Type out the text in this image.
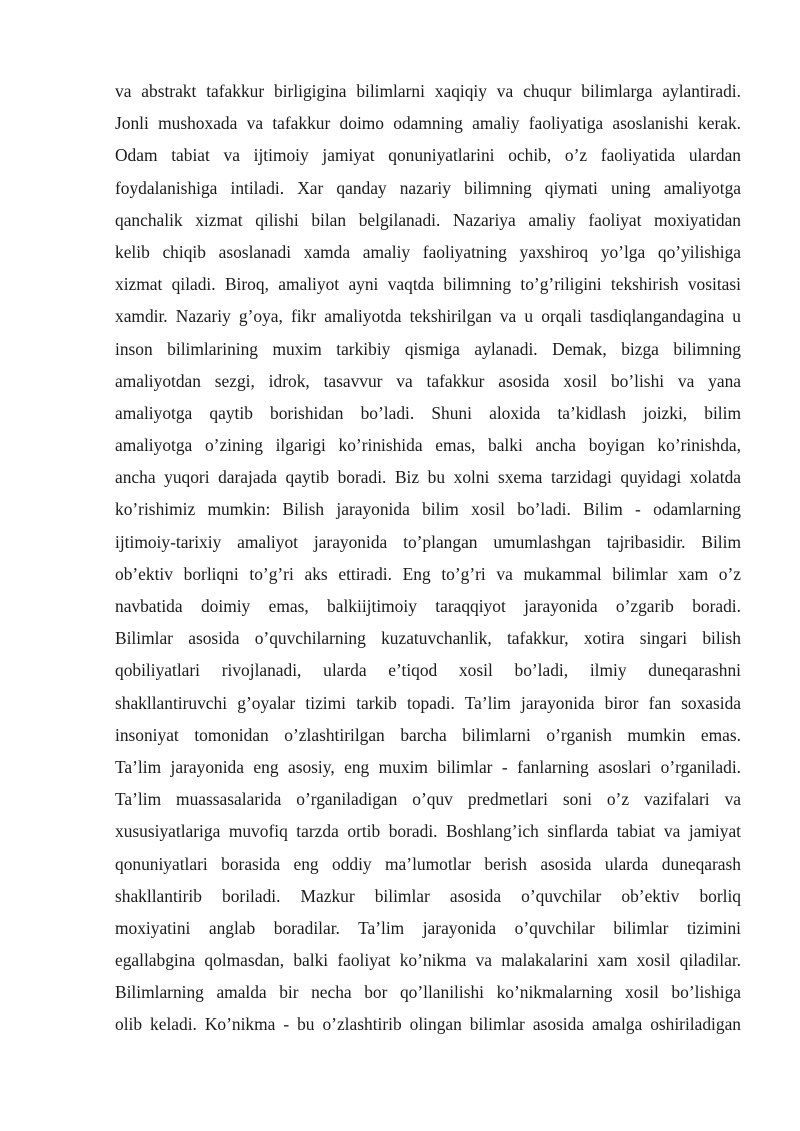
va abstrakt tafakkur birligigina bilimlarni xaqiqiy va chuqur bilimlarga aylantiradi.
Jonli mushoxada va tafakkur doimo odamning amaliy faoliyatiga asoslanishi kerak.
Odam tabiat va ijtimoiy jamiyat qonuniyatlarini ochib, o’z faoliyatida ulardan
foydalanishiga intiladi. Xar qanday nazariy bilimning qiymati uning amaliyotga
qanchalik xizmat qilishi bilan belgilanadi. Nazariya amaliy faoliyat moxiyatidan
kelib chiqib asoslanadi xamda amaliy faoliyatning yaxshiroq yo’lga qo’yilishiga
xizmat qiladi. Biroq, amaliyot ayni vaqtda bilimning to’g’riligini tekshirish vositasi
xamdir. Nazariy g’oya, fikr amaliyotda tekshirilgan va u orqali tasdiqlangandagina u
inson bilimlarining muxim tarkibiy qismiga aylanadi. Demak, bizga bilimning
amaliyotdan sezgi, idrok, tasavvur va tafakkur asosida xosil bo’lishi va yana
amaliyotga qaytib borishidan bo’ladi. Shuni aloxida ta’kidlash joizki, bilim
amaliyotga o’zining ilgarigi ko’rinishida emas, balki ancha boyigan ko’rinishda,
ancha yuqori darajada qaytib boradi. Biz bu xolni sxema tarzidagi quyidagi xolatda
ko’rishimiz mumkin: Bilish jarayonida bilim xosil bo’ladi. Bilim - odamlarning
ijtimoiy-tarixiy amaliyot jarayonida to’plangan umumlashgan tajribasidir. Bilim
ob’ektiv borliqni to’g’ri aks ettiradi. Eng to’g’ri va mukammal bilimlar xam o’z
navbatida doimiy emas, balkiijtimoiy taraqqiyot jarayonida o’zgarib boradi.
Bilimlar asosida o’quvchilarning kuzatuvchanlik, tafakkur, xotira singari bilish
qobiliyatlari rivojlanadi, ularda e’tiqod xosil bo’ladi, ilmiy duneqarashni
shakllantiruvchi g’oyalar tizimi tarkib topadi. Ta’lim jarayonida biror fan soxasida
insoniyat tomonidan o’zlashtirilgan barcha bilimlarni o’rganish mumkin emas.
Ta’lim jarayonida eng asosiy, eng muxim bilimlar - fanlarning asoslari o’rganiladi.
Ta’lim muassasalarida o’rganiladigan o’quv predmetlari soni o’z vazifalari va
xususiyatlariga muvofiq tarzda ortib boradi. Boshlang’ich sinflarda tabiat va jamiyat
qonuniyatlari borasida eng oddiy ma’lumotlar berish asosida ularda duneqarash
shakllantirib boriladi. Mazkur bilimlar asosida o’quvchilar ob’ektiv borliq
moxiyatini anglab boradilar. Ta’lim jarayonida o’quvchilar bilimlar tizimini
egallabgina qolmasdan, balki faoliyat ko’nikma va malakalarini xam xosil qiladilar.
Bilimlarning amalda bir necha bor qo’llanilishi ko’nikmalarning xosil bo’lishiga
olib keladi. Ko’nikma - bu o’zlashtirib olingan bilimlar asosida amalga oshiriladigan
